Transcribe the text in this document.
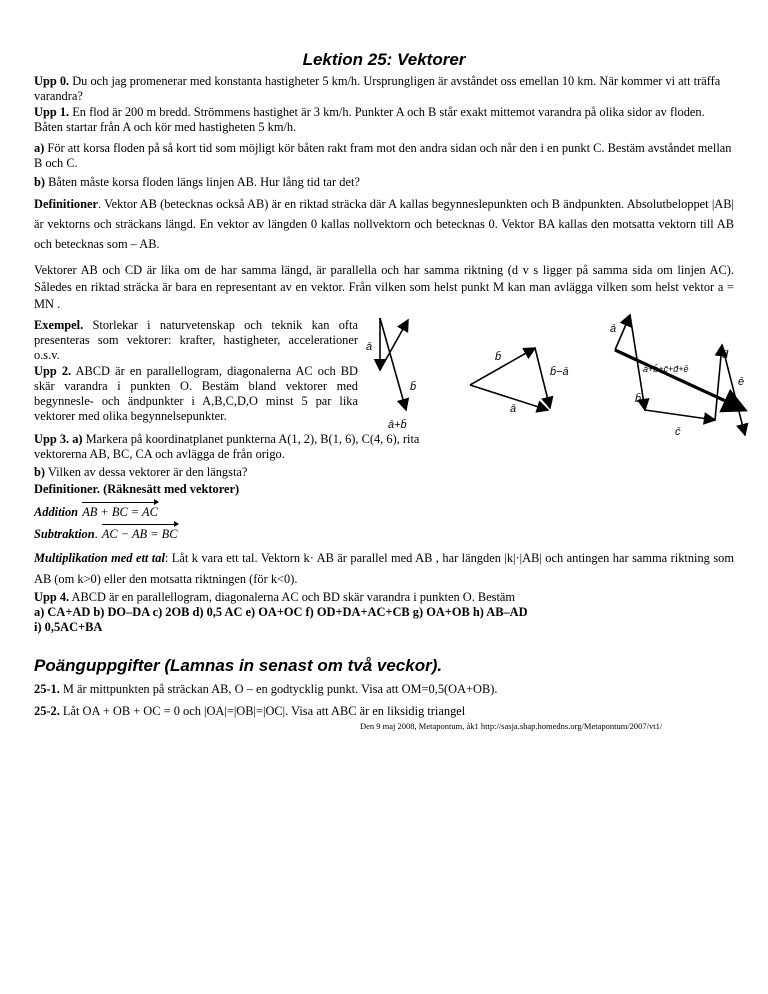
Lektion 25: Vektorer
Upp 0. Du och jag promenerar med konstanta hastigheter 5 km/h. Ursprungligen är avståndet oss emellan 10 km. När kommer vi att träffa varandra?
Upp 1. En flod är 200 m bredd. Strömmens hastighet är 3 km/h. Punkter A och B står exakt mittemot varandra på olika sidor av floden. Båten startar från A och kör med hastigheten 5 km/h.
a) För att korsa floden på så kort tid som möjligt kör båten rakt fram mot den andra sidan och når den i en punkt C. Bestäm avståndet mellan B och C.
b) Båten måste korsa floden längs linjen AB. Hur lång tid tar det?
Definitioner. Vektor AB (betecknas också AB) är en riktad sträcka där A kallas begynneslepunkten och B ändpunkten. Absolutbeloppet |AB| är vektorns och sträckans längd. En vektor av längden 0 kallas nollvektorn och betecknas 0. Vektor BA kallas den motsatta vektorn till AB och betecknas som – AB.
Vektorer AB och CD är lika om de har samma längd, är parallella och har samma riktning (d v s ligger på samma sida om linjen AC). Således en riktad sträcka är bara en representant av en vektor. Från vilken som helst punkt M kan man avlägga vilken som helst vektor a = MN .
Exempel. Storlekar i naturvetenskap och teknik kan ofta presenteras som vektorer: krafter, hastigheter, accelerationer o.s.v.
Upp 2. ABCD är en parallellogram, diagonalerna AC och BD skär varandra i punkten O. Bestäm bland vektorer med begynnesle- och ändpunkter i A,B,C,D,O minst 5 par lika vektorer med olika begynnelsepunkter.
Upp 3. a) Markera på koordinatplanet punkterna A(1, 2), B(1, 6), C(4, 6), rita vektorerna AB, BC, CA och avlägga de från origo.
b) Vilken av dessa vektorer är den längsta?
Definitioner. (Räknesätt med vektorer)
Addition AB + BC = AC
Subtraktion. AC − AB = BC
Multiplikation med ett tal: Låt k vara ett tal. Vektorn k· AB är parallel med AB , har längden |k|·|AB| och antingen har samma riktning som AB (om k>0) eller den motsatta riktningen (för k<0).
Upp 4. ABCD är en parallellogram, diagonalerna AC och BD skär varandra i punkten O. Bestäm
a) CA+AD b) DO–DA c) 2OB d) 0,5 AC e) OA+OC f) OD+DA+AC+CB g) OA+OB h) AB–AD
i) 0,5AC+BA
Poänguppgifter (Lamnas in senast om två veckor).
25-1. M är mittpunkten på sträckan AB, O – en godtycklig punkt. Visa att OM=0,5(OA+OB).
25-2. Låt OA + OB + OC = 0 och |OA|=|OB|=|OC|. Visa att ABC är en liksidig triangel
Den 9 maj 2008, Metapontum, åk1 http://sasja.shap.homedns.org/Metapontum/2007/vt1/
ā
b̄
ā+b̄
b̄
b̄−ā
ā
ā
b̄
c̄
d̄
ē
ā+b̄+c̄+d̄+ē
